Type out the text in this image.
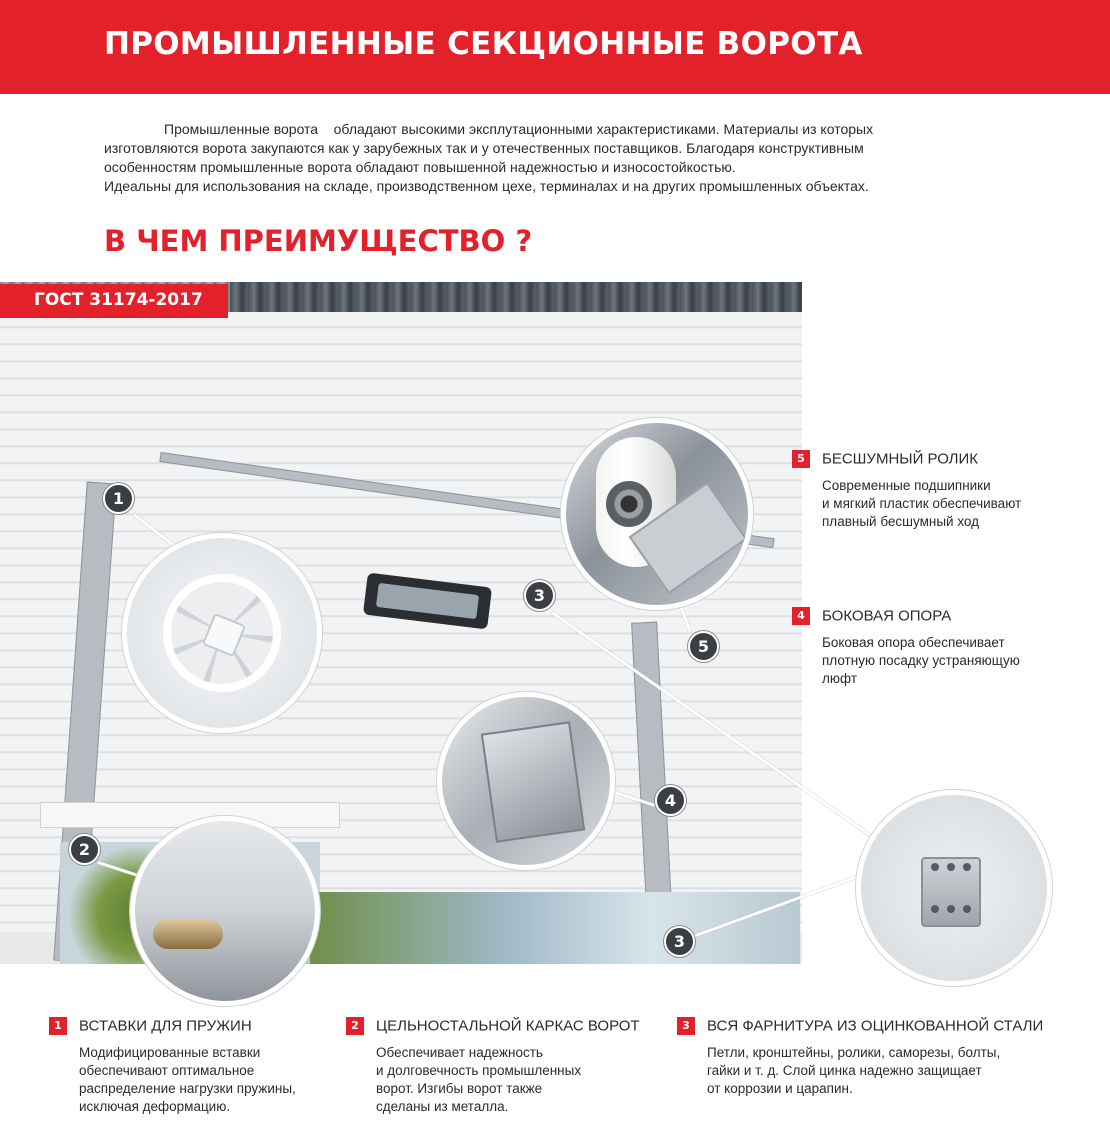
ПРОМЫШЛЕННЫЕ СЕКЦИОННЫЕ ВОРОТА

Промышленные ворота    обладают высокими эксплутационными характеристиками. Материалы из которых

изготовляются ворота закупаются как у зарубежных так и у отечественных поставщиков. Благодаря конструктивным

особенностям промышленные ворота обладают повышенной надежностью и износостойкостью.

Идеальны для использования на складе, производственном цехе, терминалах и на других промышленных объектах.

В ЧЕМ ПРЕИМУЩЕСТВО ?
ГОСТ 31174-2017
1
2
3
3
4
5
5 БЕСШУМНЫЙ РОЛИК
Современные подшипники
и мягкий пластик обеспечивают
плавный бесшумный ход
4 БОКОВАЯ ОПОРА
Боковая опора обеспечивает
плотную посадку устраняющую
люфт
1 ВСТАВКИ ДЛЯ ПРУЖИН
Модифицированные вставки
обеспечивают оптимальное
распределение нагрузки пружины,
исключая деформацию.
2 ЦЕЛЬНОСТАЛЬНОЙ КАРКАС ВОРОТ
Обеспечивает надежность
и долговечность промышленных
ворот. Изгибы ворот также
сделаны из металла.
3 ВСЯ ФАРНИТУРА ИЗ ОЦИНКОВАННОЙ СТАЛИ
Петли, кронштейны, ролики, саморезы, болты,
гайки и т. д. Слой цинка надежно защищает
от коррозии и царапин.
